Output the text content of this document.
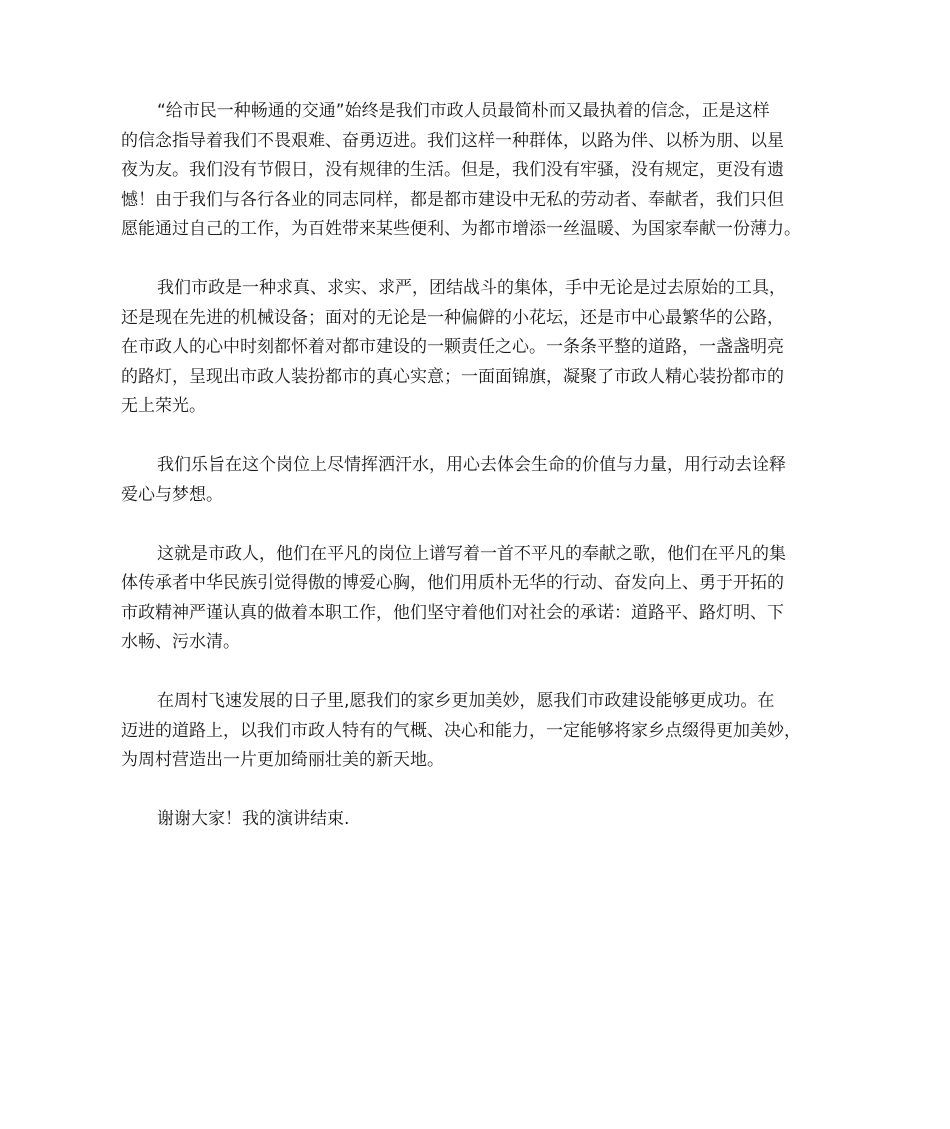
“给市民一种畅通的交通”始终是我们市政人员最简朴而又最执着的信念，正是这样
的信念指导着我们不畏艰难、奋勇迈进。我们这样一种群体，以路为伴、以桥为朋、以星
夜为友。我们没有节假日，没有规律的生活。但是，我们没有牢骚，没有规定，更没有遗
憾！由于我们与各行各业的同志同样，都是都市建设中无私的劳动者、奉献者，我们只但
愿能通过自己的工作，为百姓带来某些便利、为都市增添一丝温暖、为国家奉献一份薄力。

我们市政是一种求真、求实、求严，团结战斗的集体，手中无论是过去原始的工具，
还是现在先进的机械设备；面对的无论是一种偏僻的小花坛，还是市中心最繁华的公路，
在市政人的心中时刻都怀着对都市建设的一颗责任之心。一条条平整的道路，一盏盏明亮
的路灯，呈现出市政人装扮都市的真心实意；一面面锦旗，凝聚了市政人精心装扮都市的
无上荣光。

我们乐旨在这个岗位上尽情挥洒汗水，用心去体会生命的价值与力量，用行动去诠释
爱心与梦想。

这就是市政人，他们在平凡的岗位上谱写着一首不平凡的奉献之歌，他们在平凡的集
体传承者中华民族引觉得傲的博爱心胸，他们用质朴无华的行动、奋发向上、勇于开拓的
市政精神严谨认真的做着本职工作，他们坚守着他们对社会的承诺：道路平、路灯明、下
水畅、污水清。

在周村飞速发展的日子里,愿我们的家乡更加美妙，愿我们市政建设能够更成功。在
迈进的道路上，以我们市政人特有的气概、决心和能力，一定能够将家乡点缀得更加美妙，
为周村营造出一片更加绮丽壮美的新天地。

谢谢大家！我的演讲结束.
